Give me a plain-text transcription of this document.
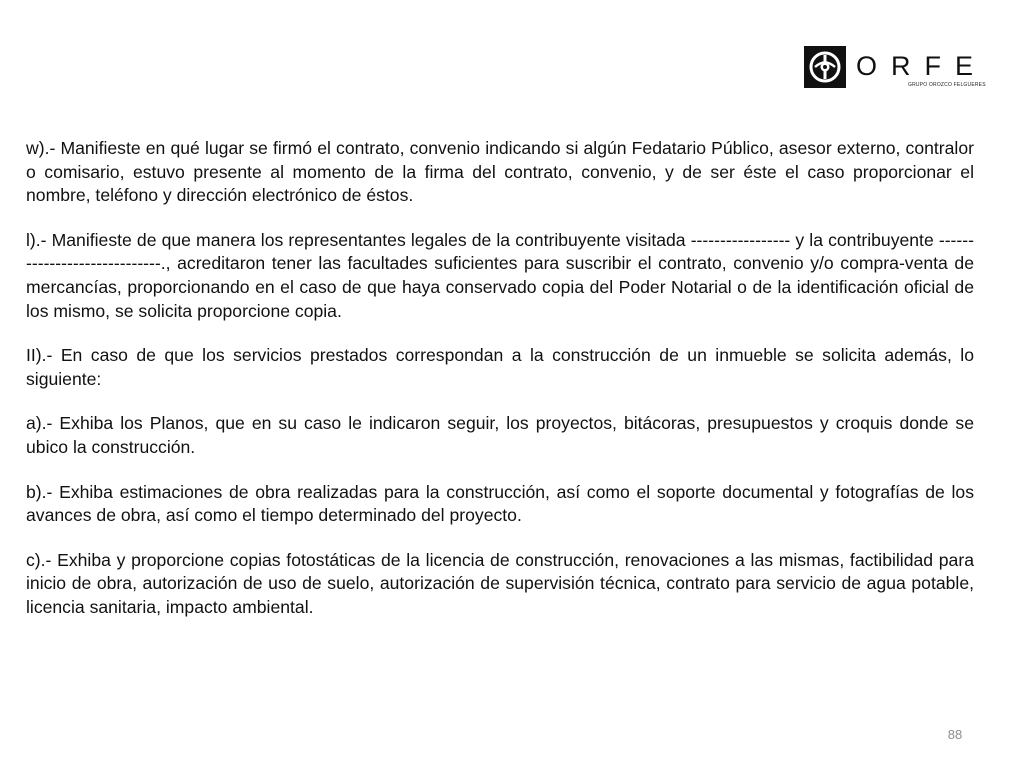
ORFE
GRUPO OROZCO FELGUERES

w).- Manifieste en qué lugar se firmó el contrato, convenio indicando si algún Fedatario Público, asesor externo, contralor o comisario, estuvo presente al momento de la firma del contrato, convenio, y de ser éste el caso proporcionar el nombre, teléfono y dirección electrónico de éstos.

l).- Manifieste de que manera los representantes legales de la contribuyente visitada ----------------- y la contribuyente -----------------------------., acreditaron tener las facultades suficientes para suscribir el contrato, convenio y/o compra-venta de mercancías, proporcionando en el caso de que haya conservado copia del Poder Notarial o de la identificación oficial de los mismo, se solicita proporcione copia.

II).- En caso de que los servicios prestados correspondan a la construcción de un inmueble se solicita además, lo siguiente:

a).- Exhiba los Planos, que en su caso le indicaron seguir, los proyectos, bitácoras, presupuestos y croquis donde se ubico la construcción.

b).- Exhiba estimaciones de obra realizadas para la construcción, así como el soporte documental y fotografías de los avances de obra, así como el tiempo determinado del proyecto.

c).- Exhiba y proporcione copias fotostáticas de la licencia de construcción, renovaciones a las mismas, factibilidad para inicio de obra, autorización de uso de suelo, autorización de supervisión técnica, contrato para servicio de agua potable, licencia sanitaria, impacto ambiental.

88
